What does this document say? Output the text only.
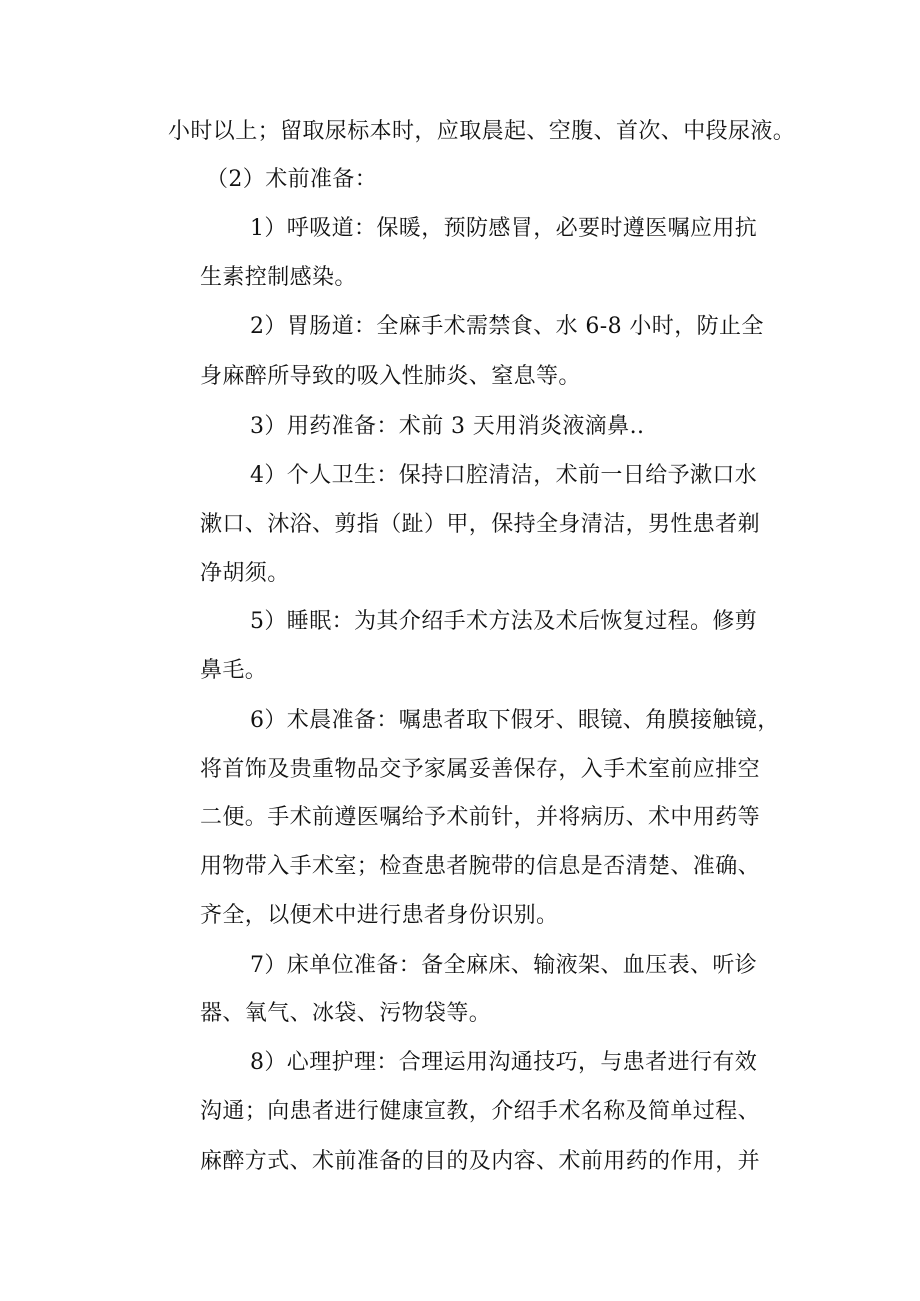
小时以上；留取尿标本时，应取晨起、空腹、首次、中段尿液。
（2）术前准备：
1）呼吸道：保暖，预防感冒，必要时遵医嘱应用抗
生素控制感染。
2）胃肠道：全麻手术需禁食、水 6-8 小时，防止全
身麻醉所导致的吸入性肺炎、窒息等。
3）用药准备：术前 3 天用消炎液滴鼻..
4）个人卫生：保持口腔清洁，术前一日给予漱口水
漱口、沐浴、剪指（趾）甲，保持全身清洁，男性患者剃
净胡须。
5）睡眠：为其介绍手术方法及术后恢复过程。修剪
鼻毛。
6）术晨准备：嘱患者取下假牙、眼镜、角膜接触镜，
将首饰及贵重物品交予家属妥善保存，入手术室前应排空
二便。手术前遵医嘱给予术前针，并将病历、术中用药等
用物带入手术室；检查患者腕带的信息是否清楚、准确、
齐全，以便术中进行患者身份识别。
7）床单位准备：备全麻床、输液架、血压表、听诊
器、氧气、冰袋、污物袋等。
8）心理护理：合理运用沟通技巧，与患者进行有效
沟通；向患者进行健康宣教，介绍手术名称及简单过程、
麻醉方式、术前准备的目的及内容、术前用药的作用，并
